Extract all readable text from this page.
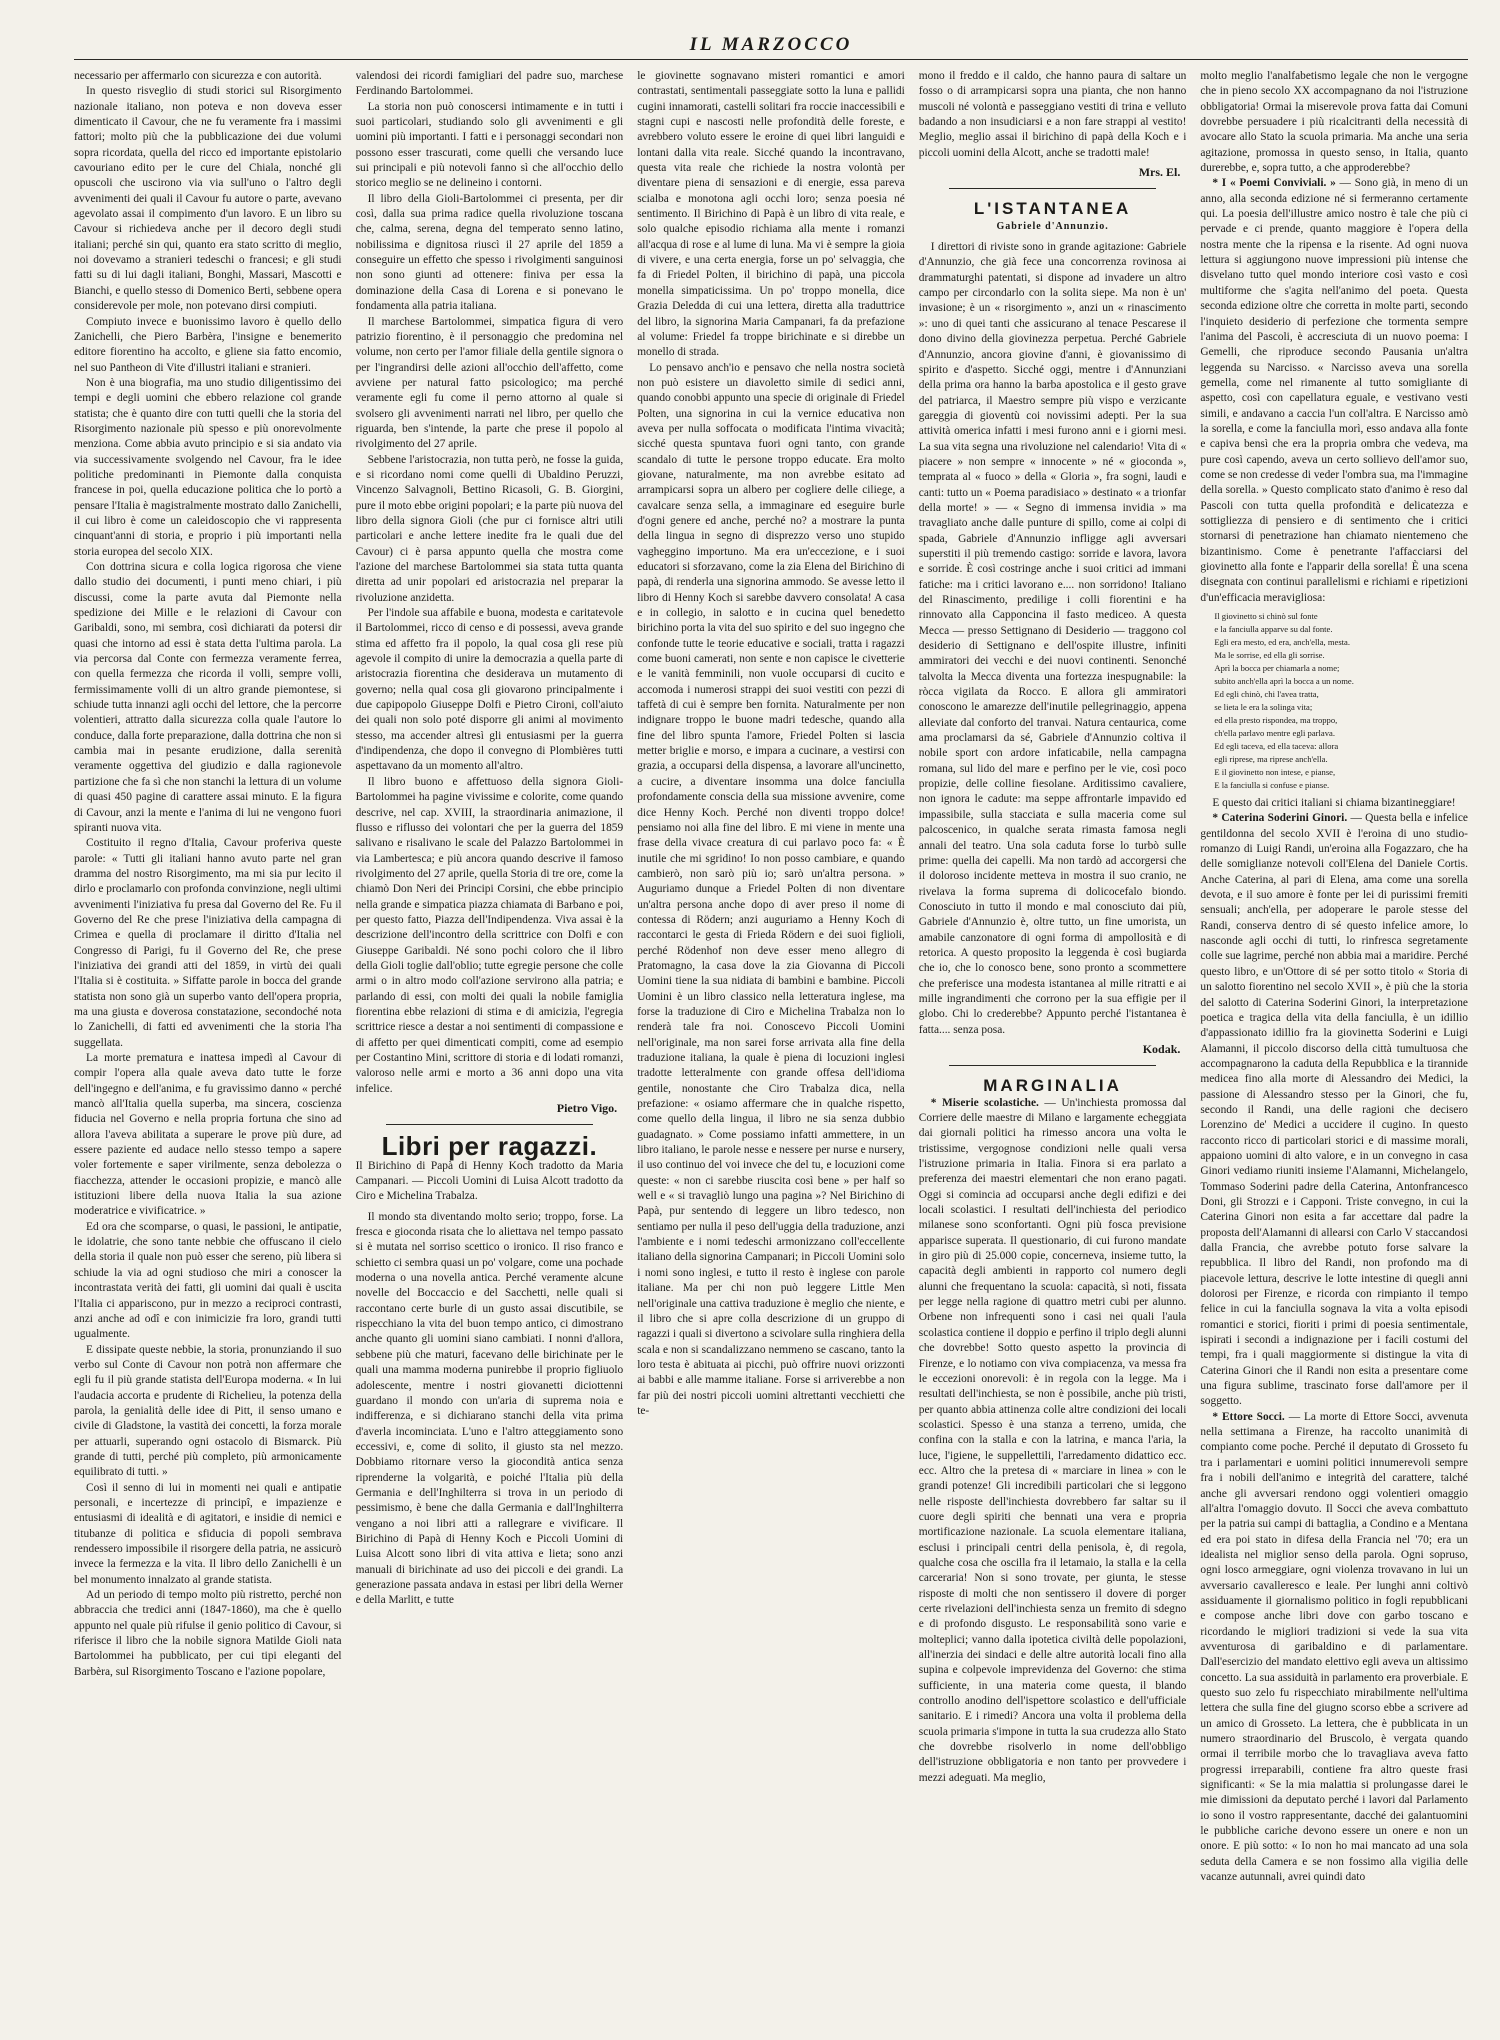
IL MARZOCCO

necessario per affermarlo con sicurezza e con autorità.

In questo risveglio di studi storici sul Risorgimento nazionale italiano, non poteva e non doveva esser dimenticato il Cavour, che ne fu veramente fra i massimi fattori; molto più che la pubblicazione dei due volumi sopra ricordata, quella del ricco ed importante epistolario cavouriano edito per le cure del Chiala, nonché gli opuscoli che uscirono via via sull'uno o l'altro degli avvenimenti dei quali il Cavour fu autore o parte, avevano agevolato assai il compimento d'un lavoro. E un libro su Cavour si richiedeva anche per il decoro degli studi italiani; perché sin qui, quanto era stato scritto di meglio, noi dovevamo a stranieri tedeschi o francesi; e gli studi fatti su di lui dagli italiani, Bonghi, Massari, Mascotti e Bianchi, e quello stesso di Domenico Berti, sebbene opera considerevole per mole, non potevano dirsi compiuti.

Compiuto invece e buonissimo lavoro è quello dello Zanichelli, che Piero Barbèra, l'insigne e benemerito editore fiorentino ha accolto, e gliene sia fatto encomio, nel suo Pantheon di Vite d'illustri italiani e stranieri.

Non è una biografia, ma uno studio diligentissimo dei tempi e degli uomini che ebbero relazione col grande statista; che è quanto dire con tutti quelli che la storia del Risorgimento nazionale più spesso e più onorevolmente menziona. Come abbia avuto principio e si sia andato via via successivamente svolgendo nel Cavour, fra le idee politiche predominanti in Piemonte dalla conquista francese in poi, quella educazione politica che lo portò a pensare l'Italia è magistralmente mostrato dallo Zanichelli, il cui libro è come un caleidoscopio che vi rappresenta cinquant'anni di storia, e proprio i più importanti nella storia europea del secolo XIX.

Con dottrina sicura e colla logica rigorosa che viene dallo studio dei documenti, i punti meno chiari, i più discussi, come la parte avuta dal Piemonte nella spedizione dei Mille e le relazioni di Cavour con Garibaldi, sono, mi sembra, così dichiarati da potersi dir quasi che intorno ad essi è stata detta l'ultima parola. La via percorsa dal Conte con fermezza veramente ferrea, con quella fermezza che ricorda il volli, sempre volli, fermissimamente volli di un altro grande piemontese, si schiude tutta innanzi agli occhi del lettore, che la percorre volentieri, attratto dalla sicurezza colla quale l'autore lo conduce, dalla forte preparazione, dalla dottrina che non si cambia mai in pesante erudizione, dalla serenità veramente oggettiva del giudizio e dalla ragionevole partizione che fa sì che non stanchi la lettura di un volume di quasi 450 pagine di carattere assai minuto. E la figura di Cavour, anzi la mente e l'anima di lui ne vengono fuori spiranti nuova vita.

Costituito il regno d'Italia, Cavour proferiva queste parole: « Tutti gli italiani hanno avuto parte nel gran dramma del nostro Risorgimento, ma mi sia pur lecito il dirlo e proclamarlo con profonda convinzione, negli ultimi avvenimenti l'iniziativa fu presa dal Governo del Re. Fu il Governo del Re che prese l'iniziativa della campagna di Crimea e quella di proclamare il diritto d'Italia nel Congresso di Parigi, fu il Governo del Re, che prese l'iniziativa dei grandi atti del 1859, in virtù dei quali l'Italia si è costituita. » Siffatte parole in bocca del grande statista non sono già un superbo vanto dell'opera propria, ma una giusta e doverosa constatazione, secondoché nota lo Zanichelli, di fatti ed avvenimenti che la storia l'ha suggellata.

La morte prematura e inattesa impedì al Cavour di compir l'opera alla quale aveva dato tutte le forze dell'ingegno e dell'anima, e fu gravissimo danno « perché mancò all'Italia quella superba, ma sincera, coscienza fiducia nel Governo e nella propria fortuna che sino ad allora l'aveva abilitata a superare le prove più dure, ad essere paziente ed audace nello stesso tempo a sapere voler fortemente e saper virilmente, senza debolezza o fiacchezza, attender le occasioni propizie, e mancò alle istituzioni libere della nuova Italia la sua azione moderatrice e vivificatrice. »

Ed ora che scomparse, o quasi, le passioni, le antipatie, le idolatrie, che sono tante nebbie che offuscano il cielo della storia il quale non può esser che sereno, più libera si schiude la via ad ogni studioso che miri a conoscer la incontrastata verità dei fatti, gli uomini dai quali è uscita l'Italia ci appariscono, pur in mezzo a reciproci contrasti, anzi anche ad odî e con inimicizie fra loro, grandi tutti ugualmente.

E dissipate queste nebbie, la storia, pronunziando il suo verbo sul Conte di Cavour non potrà non affermare che egli fu il più grande statista dell'Europa moderna. « In lui l'audacia accorta e prudente di Richelieu, la potenza della parola, la genialità delle idee di Pitt, il senso umano e civile di Gladstone, la vastità dei concetti, la forza morale per attuarli, superando ogni ostacolo di Bismarck. Più grande di tutti, perché più completo, più armonicamente equilibrato di tutti. »

Così il senno di lui in momenti nei quali e antipatie personali, e incertezze di principî, e impazienze e entusiasmi di idealità e di agitatori, e insidie di nemici e titubanze di politica e sfiducia di popoli sembrava rendessero impossibile il risorgere della patria, ne assicurò invece la fermezza e la vita. Il libro dello Zanichelli è un bel monumento innalzato al grande statista.

Ad un periodo di tempo molto più ristretto, perché non abbraccia che tredici anni (1847-1860), ma che è quello appunto nel quale più rifulse il genio politico di Cavour, si riferisce il libro che la nobile signora Matilde Gioli nata Bartolommei ha pubblicato, per cui tipi eleganti del Barbèra, sul Risorgimento Toscano e l'azione popolare,

valendosi dei ricordi famigliari del padre suo, marchese Ferdinando Bartolommei.

La storia non può conoscersi intimamente e in tutti i suoi particolari, studiando solo gli avvenimenti e gli uomini più importanti. I fatti e i personaggi secondari non possono esser trascurati, come quelli che versando luce sui principali e più notevoli fanno sì che all'occhio dello storico meglio se ne delineino i contorni.

Il libro della Gioli-Bartolommei ci presenta, per dir così, dalla sua prima radice quella rivoluzione toscana che, calma, serena, degna del temperato senno latino, nobilissima e dignitosa riuscì il 27 aprile del 1859 a conseguire un effetto che spesso i rivolgimenti sanguinosi non sono giunti ad ottenere: finiva per essa la dominazione della Casa di Lorena e si ponevano le fondamenta alla patria italiana.

Il marchese Bartolommei, simpatica figura di vero patrizio fiorentino, è il personaggio che predomina nel volume, non certo per l'amor filiale della gentile signora o per l'ingrandirsi delle azioni all'occhio dell'affetto, come avviene per natural fatto psicologico; ma perché veramente egli fu come il perno attorno al quale si svolsero gli avvenimenti narrati nel libro, per quello che riguarda, ben s'intende, la parte che prese il popolo al rivolgimento del 27 aprile.

Sebbene l'aristocrazia, non tutta però, ne fosse la guida, e si ricordano nomi come quelli di Ubaldino Peruzzi, Vincenzo Salvagnoli, Bettino Ricasoli, G. B. Giorgini, pure il moto ebbe origini popolari; e la parte più nuova del libro della signora Gioli (che pur ci fornisce altri utili particolari e anche lettere inedite fra le quali due del Cavour) ci è parsa appunto quella che mostra come l'azione del marchese Bartolommei sia stata tutta quanta diretta ad unir popolari ed aristocrazia nel preparar la rivoluzione anzidetta.

Per l'indole sua affabile e buona, modesta e caritatevole il Bartolommei, ricco di censo e di possessi, aveva grande stima ed affetto fra il popolo, la qual cosa gli rese più agevole il compito di unire la democrazia a quella parte di aristocrazia fiorentina che desiderava un mutamento di governo; nella qual cosa gli giovarono principalmente i due capipopolo Giuseppe Dolfi e Pietro Cironi, coll'aiuto dei quali non solo poté disporre gli animi al movimento stesso, ma accender altresì gli entusiasmi per la guerra d'indipendenza, che dopo il convegno di Plombières tutti aspettavano da un momento all'altro.

Il libro buono e affettuoso della signora Gioli-Bartolommei ha pagine vivissime e colorite, come quando descrive, nel cap. XVIII, la straordinaria animazione, il flusso e riflusso dei volontari che per la guerra del 1859 salivano e risalivano le scale del Palazzo Bartolommei in via Lambertesca; e più ancora quando descrive il famoso rivolgimento del 27 aprile, quella Storia di tre ore, come la chiamò Don Neri dei Principi Corsini, che ebbe principio nella grande e simpatica piazza chiamata di Barbano e poi, per questo fatto, Piazza dell'Indipendenza. Viva assai è la descrizione dell'incontro della scrittrice con Dolfi e con Giuseppe Garibaldi. Né sono pochi coloro che il libro della Gioli toglie dall'oblio; tutte egregie persone che colle armi o in altro modo coll'azione servirono alla patria; e parlando di essi, con molti dei quali la nobile famiglia fiorentina ebbe relazioni di stima e di amicizia, l'egregia scrittrice riesce a destar a noi sentimenti di compassione e di affetto per quei dimenticati compiti, come ad esempio per Costantino Mini, scrittore di storia e di lodati romanzi, valoroso nelle armi e morto a 36 anni dopo una vita infelice.

Pietro Vigo.
Libri per ragazzi.
Il Birichino di Papà di Henny Koch tradotto da Maria Campanari. — Piccoli Uomini di Luisa Alcott tradotto da Ciro e Michelina Trabalza.

Il mondo sta diventando molto serio; troppo, forse. La fresca e gioconda risata che lo aliettava nel tempo passato si è mutata nel sorriso scettico o ironico. Il riso franco e schietto ci sembra quasi un po' volgare, come una pochade moderna o una novella antica. Perché veramente alcune novelle del Boccaccio e del Sacchetti, nelle quali si raccontano certe burle di un gusto assai discutibile, se rispecchiano la vita del buon tempo antico, ci dimostrano anche quanto gli uomini siano cambiati. I nonni d'allora, sebbene più che maturi, facevano delle birichinate per le quali una mamma moderna punirebbe il proprio figliuolo adolescente, mentre i nostri giovanetti diciottenni guardano il mondo con un'aria di suprema noia e indifferenza, e si dichiarano stanchi della vita prima d'averla incominciata. L'uno e l'altro atteggiamento sono eccessivi, e, come di solito, il giusto sta nel mezzo. Dobbiamo ritornare verso la giocondità antica senza riprenderne la volgarità, e poiché l'Italia più della Germania e dell'Inghilterra si trova in un periodo di pessimismo, è bene che dalla Germania e dall'Inghilterra vengano a noi libri atti a rallegrare e vivificare. Il Birichino di Papà di Henny Koch e Piccoli Uomini di Luisa Alcott sono libri di vita attiva e lieta; sono anzi manuali di birichinate ad uso dei piccoli e dei grandi. La generazione passata andava in estasi per libri della Werner e della Marlitt, e tutte

le giovinette sognavano misteri romantici e amori contrastati, sentimentali passeggiate sotto la luna e pallidi cugini innamorati, castelli solitari fra roccie inaccessibili e stagni cupi e nascosti nelle profondità delle foreste, e avrebbero voluto essere le eroine di quei libri languidi e lontani dalla vita reale. Sicché quando la incontravano, questa vita reale che richiede la nostra volontà per diventare piena di sensazioni e di energie, essa pareva scialba e monotona agli occhi loro; senza poesia né sentimento. Il Birichino di Papà è un libro di vita reale, e solo qualche episodio richiama alla mente i romanzi all'acqua di rose e al lume di luna. Ma vi è sempre la gioia di vivere, e una certa energia, forse un po' selvaggia, che fa di Friedel Polten, il birichino di papà, una piccola monella simpaticissima. Un po' troppo monella, dice Grazia Deledda di cui una lettera, diretta alla traduttrice del libro, la signorina Maria Campanari, fa da prefazione al volume: Friedel fa troppe birichinate e si direbbe un monello di strada.

Lo pensavo anch'io e pensavo che nella nostra società non può esistere un diavoletto simile di sedici anni, quando conobbi appunto una specie di originale di Friedel Polten, una signorina in cui la vernice educativa non aveva per nulla soffocata o modificata l'intima vivacità; sicché questa spuntava fuori ogni tanto, con grande scandalo di tutte le persone troppo educate. Era molto giovane, naturalmente, ma non avrebbe esitato ad arrampicarsi sopra un albero per cogliere delle ciliege, a cavalcare senza sella, a immaginare ed eseguire burle d'ogni genere ed anche, perché no? a mostrare la punta della lingua in segno di disprezzo verso uno stupido vagheggino importuno. Ma era un'eccezione, e i suoi educatori si sforzavano, come la zia Elena del Birichino di papà, di renderla una signorina ammodo. Se avesse letto il libro di Henny Koch si sarebbe davvero consolata! A casa e in collegio, in salotto e in cucina quel benedetto birichino porta la vita del suo spirito e del suo ingegno che confonde tutte le teorie educative e sociali, tratta i ragazzi come buoni camerati, non sente e non capisce le civetterie e le vanità femminili, non vuole occuparsi di cucito e accomoda i numerosi strappi dei suoi vestiti con pezzi di taffetà di cui è sempre ben fornita. Naturalmente per non indignare troppo le buone madri tedesche, quando alla fine del libro spunta l'amore, Friedel Polten si lascia metter briglie e morso, e impara a cucinare, a vestirsi con grazia, a occuparsi della dispensa, a lavorare all'uncinetto, a cucire, a diventare insomma una dolce fanciulla profondamente conscia della sua missione avvenire, come dice Henny Koch. Perché non diventi troppo dolce! pensiamo noi alla fine del libro. E mi viene in mente una frase della vivace creatura di cui parlavo poco fa: « È inutile che mi sgridino! Io non posso cambiare, e quando cambierò, non sarò più io; sarò un'altra persona. » Auguriamo dunque a Friedel Polten di non diventare un'altra persona anche dopo di aver preso il nome di contessa di Rödern; anzi auguriamo a Henny Koch di raccontarci le gesta di Frieda Rödern e dei suoi figlioli, perché Rödenhof non deve esser meno allegro di Pratomagno, la casa dove la zia Giovanna di Piccoli Uomini tiene la sua nidiata di bambini e bambine. Piccoli Uomini è un libro classico nella letteratura inglese, ma forse la traduzione di Ciro e Michelina Trabalza non lo renderà tale fra noi. Conoscevo Piccoli Uomini nell'originale, ma non sarei forse arrivata alla fine della traduzione italiana, la quale è piena di locuzioni inglesi tradotte letteralmente con grande offesa dell'idioma gentile, nonostante che Ciro Trabalza dica, nella prefazione: « osiamo affermare che in qualche rispetto, come quello della lingua, il libro ne sia senza dubbio guadagnato. » Come possiamo infatti ammettere, in un libro italiano, le parole nesse e nessere per nurse e nursery, il uso continuo del voi invece che del tu, e locuzioni come queste: « non ci sarebbe riuscita così bene » per half so well e « si travagliò lungo una pagina »? Nel Birichino di Papà, pur sentendo di leggere un libro tedesco, non sentiamo per nulla il peso dell'uggia della traduzione, anzi l'ambiente e i nomi tedeschi armonizzano coll'eccellente italiano della signorina Campanari; in Piccoli Uomini solo i nomi sono inglesi, e tutto il resto è inglese con parole italiane. Ma per chi non può leggere Little Men nell'originale una cattiva traduzione è meglio che niente, e il libro che si apre colla descrizione di un gruppo di ragazzi i quali si divertono a scivolare sulla ringhiera della scala e non si scandalizzano nemmeno se cascano, tanto la loro testa è abituata ai picchi, può offrire nuovi orizzonti ai babbi e alle mamme italiane. Forse si arriverebbe a non far più dei nostri piccoli uomini altrettanti vecchietti che te-

mono il freddo e il caldo, che hanno paura di saltare un fosso o di arrampicarsi sopra una pianta, che non hanno muscoli né volontà e passeggiano vestiti di trina e velluto badando a non insudiciarsi e a non fare strappi al vestito! Meglio, meglio assai il birichino di papà della Koch e i piccoli uomini della Alcott, anche se tradotti male!

Mrs. El.
L'ISTANTANEA
Gabriele d'Annunzio.

I direttori di riviste sono in grande agitazione: Gabriele d'Annunzio, che già fece una concorrenza rovinosa ai drammaturghi patentati, si dispone ad invadere un altro campo per circondarlo con la solita siepe. Ma non è un' invasione; è un « risorgimento », anzi un « rinascimento »: uno di quei tanti che assicurano al tenace Pescarese il dono divino della giovinezza perpetua. Perché Gabriele d'Annunzio, ancora giovine d'anni, è giovanissimo di spirito e d'aspetto. Sicché oggi, mentre i d'Annunziani della prima ora hanno la barba apostolica e il gesto grave del patriarca, il Maestro sempre più vispo e verzicante gareggia di gioventù coi novissimi adepti. Per la sua attività omerica infatti i mesi furono anni e i giorni mesi. La sua vita segna una rivoluzione nel calendario! Vita di « piacere » non sempre « innocente » né « gioconda », temprata al « fuoco » della « Gloria », fra sogni, laudi e canti: tutto un « Poema paradisiaco » destinato « a trionfar della morte! » — « Segno di immensa invidia » ma travagliato anche dalle punture di spillo, come ai colpi di spada, Gabriele d'Annunzio infligge agli avversari superstiti il più tremendo castigo: sorride e lavora, lavora e sorride. È così costringe anche i suoi critici ad immani fatiche: ma i critici lavorano e.... non sorridono! Italiano del Rinascimento, predilige i colli fiorentini e ha rinnovato alla Capponcina il fasto mediceo. A questa Mecca — presso Settignano di Desiderio — traggono col desiderio di Settignano e dell'ospite illustre, infiniti ammiratori dei vecchi e dei nuovi continenti. Senonché talvolta la Mecca diventa una fortezza inespugnabile: la ròcca vigilata da Rocco. E allora gli ammiratori conoscono le amarezze dell'inutile pellegrinaggio, appena alleviate dal conforto del tranvai. Natura centaurica, come ama proclamarsi da sé, Gabriele d'Annunzio coltiva il nobile sport con ardore infaticabile, nella campagna romana, sul lido del mare e perfino per le vie, così poco propizie, delle colline fiesolane. Arditissimo cavaliere, non ignora le cadute: ma seppe affrontarle impavido ed impassibile, sulla stacciata e sulla maceria come sul palcoscenico, in qualche serata rimasta famosa negli annali del teatro. Una sola caduta forse lo turbò sulle prime: quella dei capelli. Ma non tardò ad accorgersi che il doloroso incidente metteva in mostra il suo cranio, ne rivelava la forma suprema di dolicocefalo biondo. Conosciuto in tutto il mondo e mal conosciuto dai più, Gabriele d'Annunzio è, oltre tutto, un fine umorista, un amabile canzonatore di ogni forma di ampollosità e di retorica. A questo proposito la leggenda è così bugiarda che io, che lo conosco bene, sono pronto a scommettere che preferisce una modesta istantanea al mille ritratti e ai mille ingrandimenti che corrono per la sua effigie per il globo. Chi lo crederebbe? Appunto perché l'istantanea è fatta.... senza posa.

Kodak.
MARGINALIA

* Miserie scolastiche. — Un'inchiesta promossa dal Corriere delle maestre di Milano e largamente echeggiata dai giornali politici ha rimesso ancora una volta le tristissime, vergognose condizioni nelle quali versa l'istruzione primaria in Italia. Finora si era parlato a preferenza dei maestri elementari che non erano pagati. Oggi si comincia ad occuparsi anche degli edifizi e dei locali scolastici. I resultati dell'inchiesta del periodico milanese sono sconfortanti. Ogni più fosca previsione apparisce superata. Il questionario, di cui furono mandate in giro più di 25.000 copie, concerneva, insieme tutto, la capacità degli ambienti in rapporto col numero degli alunni che frequentano la scuola: capacità, sì noti, fissata per legge nella ragione di quattro metri cubi per alunno. Orbene non infrequenti sono i casi nei quali l'aula scolastica contiene il doppio e perfino il triplo degli alunni che dovrebbe! Sotto questo aspetto la provincia di Firenze, e lo notiamo con viva compiacenza, va messa fra le eccezioni onorevoli: è in regola con la legge. Ma i resultati dell'inchiesta, se non è possibile, anche più tristi, per quanto abbia attinenza colle altre condizioni dei locali scolastici. Spesso è una stanza a terreno, umida, che confina con la stalla e con la latrina, e manca l'aria, la luce, l'igiene, le suppellettili, l'arredamento didattico ecc. ecc. Altro che la pretesa di « marciare in linea » con le grandi potenze! Gli incredibili particolari che si leggono nelle risposte dell'inchiesta dovrebbero far saltar su il cuore degli spiriti che bennati una vera e propria mortificazione nazionale. La scuola elementare italiana, esclusi i principali centri della penisola, è, di regola, qualche cosa che oscilla fra il letamaio, la stalla e la cella carceraria! Non si sono trovate, per giunta, le stesse risposte di molti che non sentissero il dovere di porger certe rivelazioni dell'inchiesta senza un fremito di sdegno e di profondo disgusto. Le responsabilità sono varie e molteplici; vanno dalla ipotetica civiltà delle popolazioni, all'inerzia dei sindaci e delle altre autorità locali fino alla supina e colpevole imprevidenza del Governo: che stima sufficiente, in una materia come questa, il blando controllo anodino dell'ispettore scolastico e dell'ufficiale sanitario. E i rimedi? Ancora una volta il problema della scuola primaria s'impone in tutta la sua crudezza allo Stato che dovrebbe risolverlo in nome dell'obbligo dell'istruzione obbligatoria e non tanto per provvedere i mezzi adeguati. Ma meglio,

molto meglio l'analfabetismo legale che non le vergogne che in pieno secolo XX accompagnano da noi l'istruzione obbligatoria! Ormai la miserevole prova fatta dai Comuni dovrebbe persuadere i più ricalcitranti della necessità di avocare allo Stato la scuola primaria. Ma anche una seria agitazione, promossa in questo senso, in Italia, quanto durerebbe, e, sopra tutto, a che approderebbe?

* I « Poemi Conviviali. » — Sono già, in meno di un anno, alla seconda edizione né si fermeranno certamente qui. La poesia dell'illustre amico nostro è tale che più ci pervade e ci prende, quanto maggiore è l'opera della nostra mente che la ripensa e la risente. Ad ogni nuova lettura si aggiungono nuove impressioni più intense che disvelano tutto quel mondo interiore così vasto e così multiforme che s'agita nell'animo del poeta. Questa seconda edizione oltre che corretta in molte parti, secondo l'inquieto desiderio di perfezione che tormenta sempre l'anima del Pascoli, è accresciuta di un nuovo poema: I Gemelli, che riproduce secondo Pausania un'altra leggenda su Narcisso. « Narcisso aveva una sorella gemella, come nel rimanente al tutto somigliante di aspetto, così con capellatura eguale, e vestivano vesti simili, e andavano a caccia l'un coll'altra. E Narcisso amò la sorella, e come la fanciulla morì, esso andava alla fonte e capiva bensì che era la propria ombra che vedeva, ma pure così capendo, aveva un certo sollievo dell'amor suo, come se non credesse di veder l'ombra sua, ma l'immagine della sorella. » Questo complicato stato d'animo è reso dal Pascoli con tutta quella profondità e delicatezza e sottigliezza di pensiero e di sentimento che i critici stornarsi di penetrazione han chiamato nientemeno che bizantinismo. Come è penetrante l'affacciarsi del giovinetto alla fonte e l'apparir della sorella! È una scena disegnata con continui parallelismi e richiami e ripetizioni d'un'efficacia meravigliosa:

Il giovinetto si chinò sul fonte
e la fanciulla apparve su dal fonte.
Egli era mesto, ed era, anch'ella, mesta.
Ma le sorrise, ed ella gli sorrise.
Aprì la bocca per chiamarla a nome;
subito anch'ella aprì la bocca a un nome.
Ed egli chinò, chi l'avea tratta,
se lieta le era la solinga vita;
ed ella presto rispondea, ma troppo,
ch'ella parlavo mentre egli parlava.
Ed egli taceva, ed ella taceva: allora
egli riprese, ma riprese anch'ella.
E il giovinetto non intese, e pianse,
E la fanciulla si confuse e pianse.

E questo dai critici italiani si chiama bizantineggiare!

* Caterina Soderini Ginori. — Questa bella e infelice gentildonna del secolo XVII è l'eroina di uno studio-romanzo di Luigi Randi, un'eroina alla Fogazzaro, che ha delle somiglianze notevoli coll'Elena del Daniele Cortis. Anche Caterina, al pari di Elena, ama come una sorella devota, e il suo amore è fonte per lei di purissimi fremiti sensuali; anch'ella, per adoperare le parole stesse del Randi, conserva dentro di sé questo infelice amore, lo nasconde agli occhi di tutti, lo rinfresca segretamente colle sue lagrime, perché non abbia mai a maridire. Perché questo libro, e un'Ottore di sé per sotto titolo « Storia di un salotto fiorentino nel secolo XVII », è più che la storia del salotto di Caterina Soderini Ginori, la interpretazione poetica e tragica della vita della fanciulla, è un idillio d'appassionato idillio fra la giovinetta Soderini e Luigi Alamanni, il piccolo discorso della città tumultuosa che accompagnarono la caduta della Repubblica e la tirannide medicea fino alla morte di Alessandro dei Medici, la passione di Alessandro stesso per la Ginori, che fu, secondo il Randi, una delle ragioni che decisero Lorenzino de' Medici a uccidere il cugino. In questo racconto ricco di particolari storici e di massime morali, appaiono uomini di alto valore, e in un convegno in casa Ginori vediamo riuniti insieme l'Alamanni, Michelangelo, Tommaso Soderini padre della Caterina, Antonfrancesco Doni, gli Strozzi e i Capponi. Triste convegno, in cui la Caterina Ginori non esita a far accettare dal padre la proposta dell'Alamanni di allearsi con Carlo V staccandosi dalla Francia, che avrebbe potuto forse salvare la repubblica. Il libro del Randi, non profondo ma di piacevole lettura, descrive le lotte intestine di quegli anni dolorosi per Firenze, e ricorda con rimpianto il tempo felice in cui la fanciulla sognava la vita a volta episodi romantici e storici, fioriti i primi di poesia sentimentale, ispirati i secondi a indignazione per i facili costumi del tempi, fra i quali maggiormente si distingue la vita di Caterina Ginori che il Randi non esita a presentare come una figura sublime, trascinato forse dall'amore per il soggetto.

* Ettore Socci. — La morte di Ettore Socci, avvenuta nella settimana a Firenze, ha raccolto unanimità di compianto come poche. Perché il deputato di Grosseto fu tra i parlamentari e uomini politici innumerevoli sempre fra i nobili dell'animo e integrità del carattere, talché anche gli avversari rendono oggi volentieri omaggio all'altra l'omaggio dovuto. Il Socci che aveva combattuto per la patria sui campi di battaglia, a Condino e a Mentana ed era poi stato in difesa della Francia nel '70; era un idealista nel miglior senso della parola. Ogni sopruso, ogni losco armeggiare, ogni violenza trovavano in lui un avversario cavalleresco e leale. Per lunghi anni coltivò assiduamente il giornalismo politico in fogli repubblicani e compose anche libri dove con garbo toscano e ricordando le migliori tradizioni si vede la sua vita avventurosa di garibaldino e di parlamentare. Dall'esercizio del mandato elettivo egli aveva un altissimo concetto. La sua assiduità in parlamento era proverbiale. E questo suo zelo fu rispecchiato mirabilmente nell'ultima lettera che sulla fine del giugno scorso ebbe a scrivere ad un amico di Grosseto. La lettera, che è pubblicata in un numero straordinario del Bruscolo, è vergata quando ormai il terribile morbo che lo travagliava aveva fatto progressi irreparabili, contiene fra altro queste frasi significanti: « Se la mia malattia si prolungasse darei le mie dimissioni da deputato perché i lavori dal Parlamento io sono il vostro rappresentante, dacché dei galantuomini le pubbliche cariche devono essere un onere e non un onore. E più sotto: « Io non ho mai mancato ad una sola seduta della Camera e se non fossimo alla vigilia delle vacanze autunnali, avrei quindi dato
